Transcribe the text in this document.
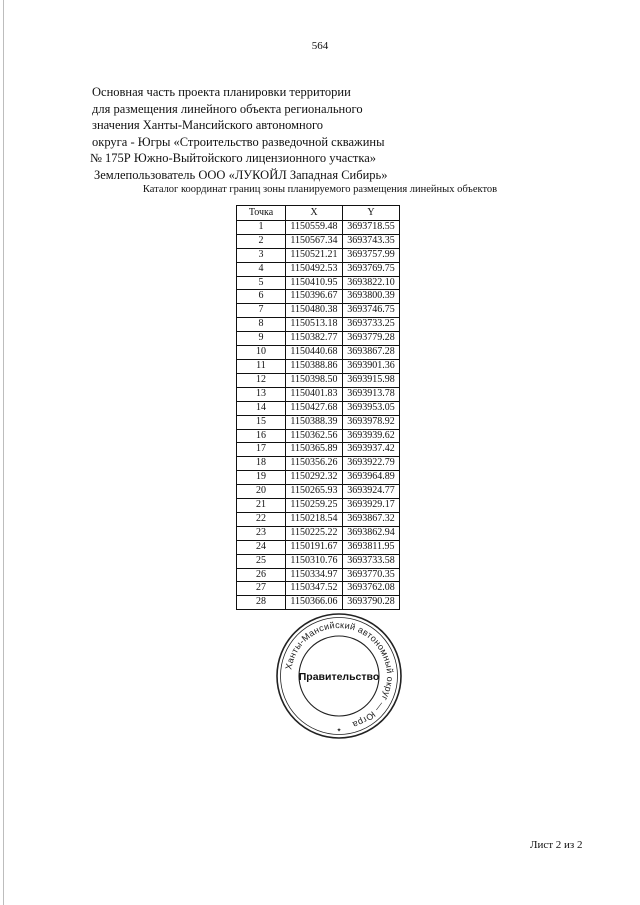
564
Основная часть проекта планировки территории
для размещения линейного объекта регионального
значения Ханты-Мансийского автономного
округа - Югры «Строительство разведочной скважины
№ 175Р Южно-Выйтойского лицензионного участка»
Землепользователь ООО «ЛУКОЙЛ Западная Сибирь»
Каталог координат границ зоны планируемого размещения линейных объектов
Точка	X	Y
1	1150559.48	3693718.55
2	1150567.34	3693743.35
3	1150521.21	3693757.99
4	1150492.53	3693769.75
5	1150410.95	3693822.10
6	1150396.67	3693800.39
7	1150480.38	3693746.75
8	1150513.18	3693733.25
9	1150382.77	3693779.28
10	1150440.68	3693867.28
11	1150388.86	3693901.36
12	1150398.50	3693915.98
13	1150401.83	3693913.78
14	1150427.68	3693953.05
15	1150388.39	3693978.92
16	1150362.56	3693939.62
17	1150365.89	3693937.42
18	1150356.26	3693922.79
19	1150292.32	3693964.89
20	1150265.93	3693924.77
21	1150259.25	3693929.17
22	1150218.54	3693867.32
23	1150225.22	3693862.94
24	1150191.67	3693811.95
25	1150310.76	3693733.58
26	1150334.97	3693770.35
27	1150347.52	3693762.08
28	1150366.06	3693790.28
Ханты-Мансийский автономный округ — Югра
Правительство
✦
Лист 2 из 2
